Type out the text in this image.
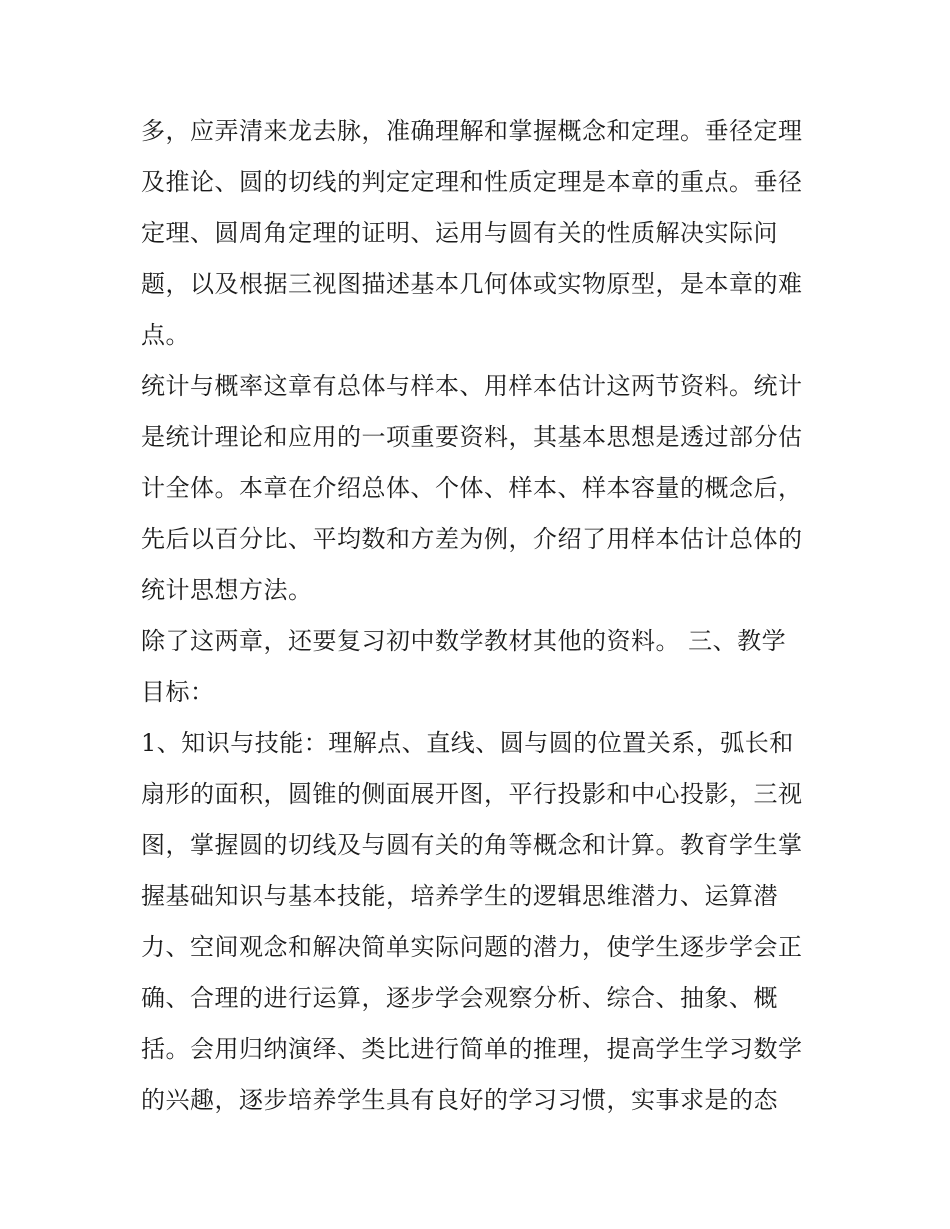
多，应弄清来龙去脉，准确理解和掌握概念和定理。垂径定理
及推论、圆的切线的判定定理和性质定理是本章的重点。垂径
定理、圆周角定理的证明、运用与圆有关的性质解决实际问
题，以及根据三视图描述基本几何体或实物原型，是本章的难
点。
统计与概率这章有总体与样本、用样本估计这两节资料。统计
是统计理论和应用的一项重要资料，其基本思想是透过部分估
计全体。本章在介绍总体、个体、样本、样本容量的概念后，
先后以百分比、平均数和方差为例，介绍了用样本估计总体的
统计思想方法。
除了这两章，还要复习初中数学教材其他的资料。 三、教学
目标：
1、知识与技能：理解点、直线、圆与圆的位置关系，弧长和
扇形的面积，圆锥的侧面展开图，平行投影和中心投影，三视
图，掌握圆的切线及与圆有关的角等概念和计算。教育学生掌
握基础知识与基本技能，培养学生的逻辑思维潜力、运算潜
力、空间观念和解决简单实际问题的潜力，使学生逐步学会正
确、合理的进行运算，逐步学会观察分析、综合、抽象、概
括。会用归纳演绎、类比进行简单的推理，提高学生学习数学
的兴趣，逐步培养学生具有良好的学习习惯，实事求是的态
